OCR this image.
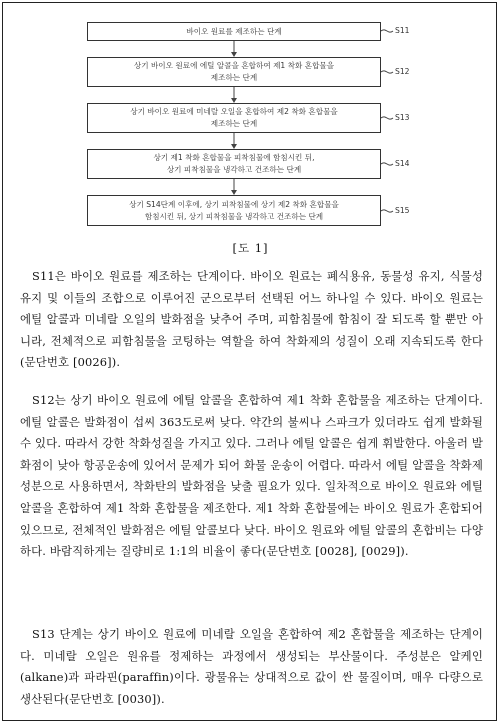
바이오 원료를 제조하는 단계	S11
상기 바이오 원료에 에틸 알콜을 혼합하여 제1 착화 혼합물을
제조하는 단계
S12
상기 바이오 원료에 미네랄 오일을 혼합하여 제2 착화 혼합물을
제조하는 단계
S13
상기 제1 착화 혼합물을 피착침물에 함침시킨 뒤,
상기 피착침물을 냉각하고 건조하는 단계
S14
상기 S14단계 이후에, 상기 피착침물에 상기 제2 착화 혼합물을
함침시킨 뒤, 상기 피착침물을 냉각하고 건조하는 단계
S15
[도 1]

S11은 바이오 원료를 제조하는 단계이다. 바이오 원료는 폐식용유, 동물성 유지, 식물성 유지 및 이들의 조합으로 이루어진 군으로부터 선택된 어느 하나일 수 있다. 바이오 원료는 에틸 알콜과 미네랄 오일의 발화점을 낮추어 주며, 피함침물에 함침이 잘 되도록 할 뿐만 아니라, 전체적으로 피함침물을 코팅하는 역할을 하여 착화제의 성질이 오래 지속되도록 한다(문단번호 [0026]).

S12는 상기 바이오 원료에 에틸 알콜을 혼합하여 제1 착화 혼합물을 제조하는 단계이다. 에틸 알콜은 발화점이 섭씨 363도로써 낮다. 약간의 불씨나 스파크가 있더라도 쉽게 발화될 수 있다. 따라서 강한 착화성질을 가지고 있다. 그러나 에틸 알콜은 쉽게 휘발한다. 아울러 발화점이 낮아 항공운송에 있어서 문제가 되어 화물 운송이 어렵다. 따라서 에틸 알콜을 착화제 성분으로 사용하면서, 착화탄의 발화점을 낮출 필요가 있다. 일차적으로 바이오 원료와 에틸 알콜을 혼합하여 제1 착화 혼합물을 제조한다. 제1 착화 혼합물에는 바이오 원료가 혼합되어 있으므로, 전체적인 발화점은 에틸 알콜보다 낮다. 바이오 원료와 에틸 알콜의 혼합비는 다양하다. 바람직하게는 질량비로 1:1의 비율이 좋다(문단번호 [0028], [0029]).

S13 단계는 상기 바이오 원료에 미네랄 오일을 혼합하여 제2 혼합물을 제조하는 단계이다. 미네랄 오일은 원유를 정제하는 과정에서 생성되는 부산물이다. 주성분은 알케인(alkane)과 파라핀(paraffin)이다. 광물유는 상대적으로 값이 싼 물질이며, 매우 다량으로 생산된다(문단번호 [0030]).
